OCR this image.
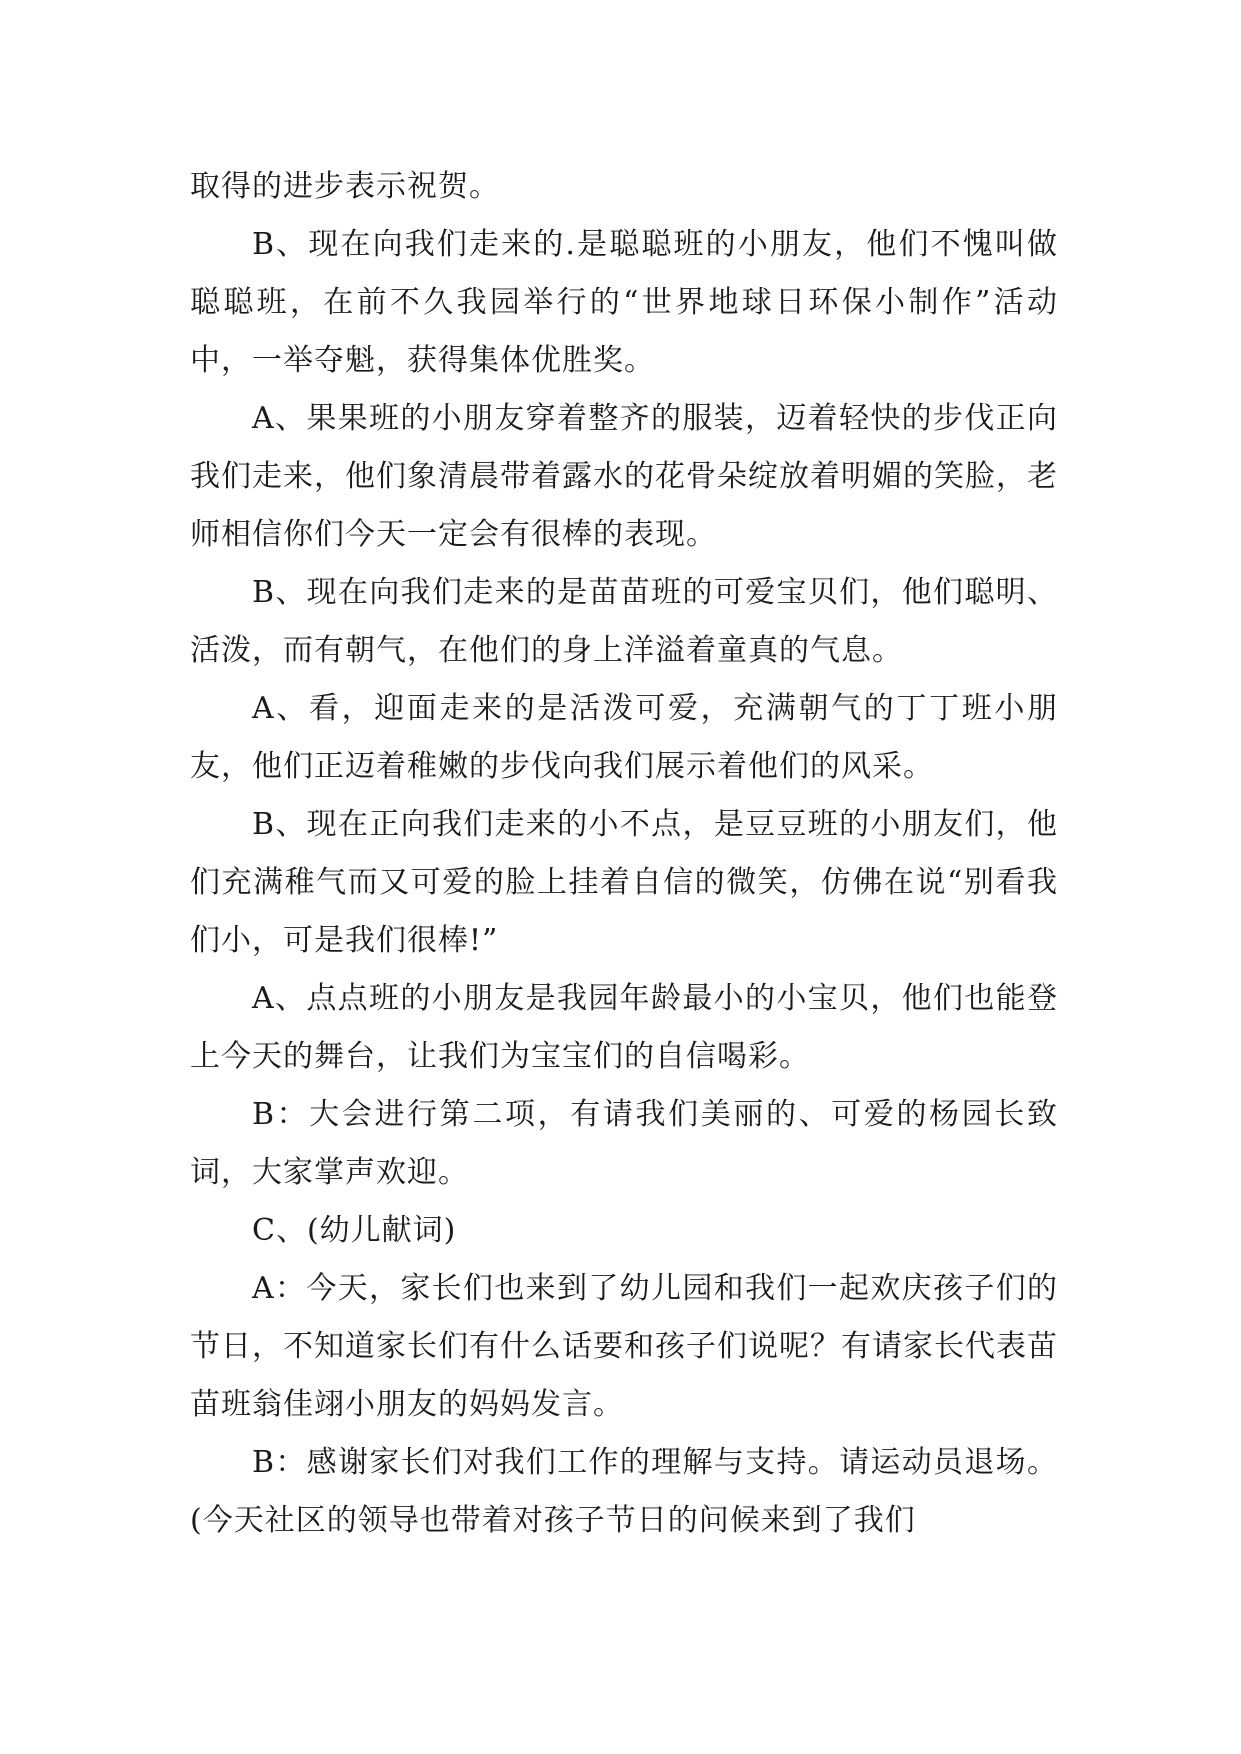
取得的进步表示祝贺。

B、现在向我们走来的.是聪聪班的小朋友，他们不愧叫做聪聪班，在前不久我园举行的“世界地球日环保小制作”活动中，一举夺魁，获得集体优胜奖。

A、果果班的小朋友穿着整齐的服装，迈着轻快的步伐正向我们走来，他们象清晨带着露水的花骨朵绽放着明媚的笑脸，老师相信你们今天一定会有很棒的表现。

B、现在向我们走来的是苗苗班的可爱宝贝们，他们聪明、活泼，而有朝气，在他们的身上洋溢着童真的气息。

A、看，迎面走来的是活泼可爱，充满朝气的丁丁班小朋友，他们正迈着稚嫩的步伐向我们展示着他们的风采。

B、现在正向我们走来的小不点，是豆豆班的小朋友们，他们充满稚气而又可爱的脸上挂着自信的微笑，仿佛在说“别看我们小，可是我们很棒!”

A、点点班的小朋友是我园年龄最小的小宝贝，他们也能登上今天的舞台，让我们为宝宝们的自信喝彩。

B：大会进行第二项，有请我们美丽的、可爱的杨园长致词，大家掌声欢迎。

C、(幼儿献词)

A：今天，家长们也来到了幼儿园和我们一起欢庆孩子们的节日，不知道家长们有什么话要和孩子们说呢？有请家长代表苗苗班翁佳翊小朋友的妈妈发言。

B：感谢家长们对我们工作的理解与支持。请运动员退场。(今天社区的领导也带着对孩子节日的问候来到了我们
